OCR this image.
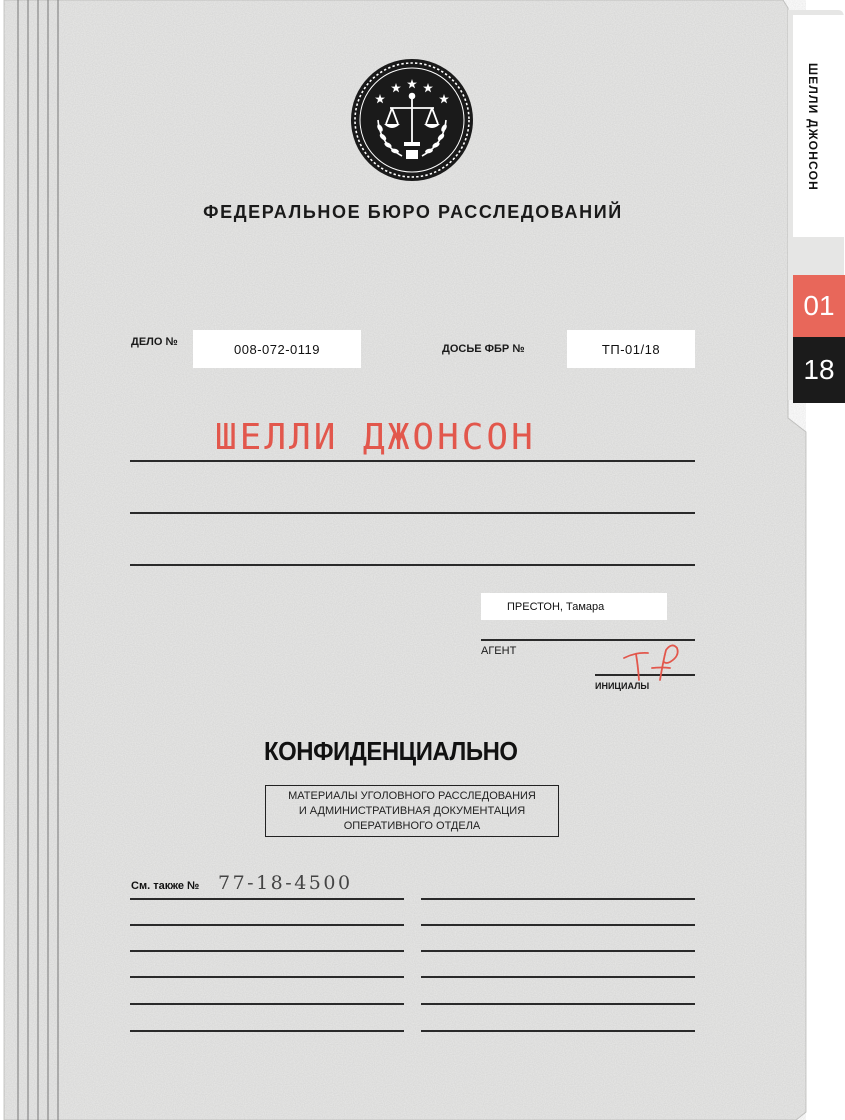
ФЕДЕРАЛЬНОЕ БЮРО РАССЛЕДОВАНИЙ
ДЕЛО №	008-072-0119	ДОСЬЕ ФБР №	ТП-01/18
ШЕЛЛИ ДЖОНСОН
ПРЕСТОН, Тамара
АГЕНТ
ИНИЦИАЛЫ
КОНФИДЕНЦИАЛЬНО
МАТЕРИАЛЫ УГОЛОВНОГО РАССЛЕДОВАНИЯ
И АДМИНИСТРАТИВНАЯ ДОКУМЕНТАЦИЯ
ОПЕРАТИВНОГО ОТДЕЛА
См. также № 77-18-4500
ШЕЛЛИ ДЖОНСОН
01
18
